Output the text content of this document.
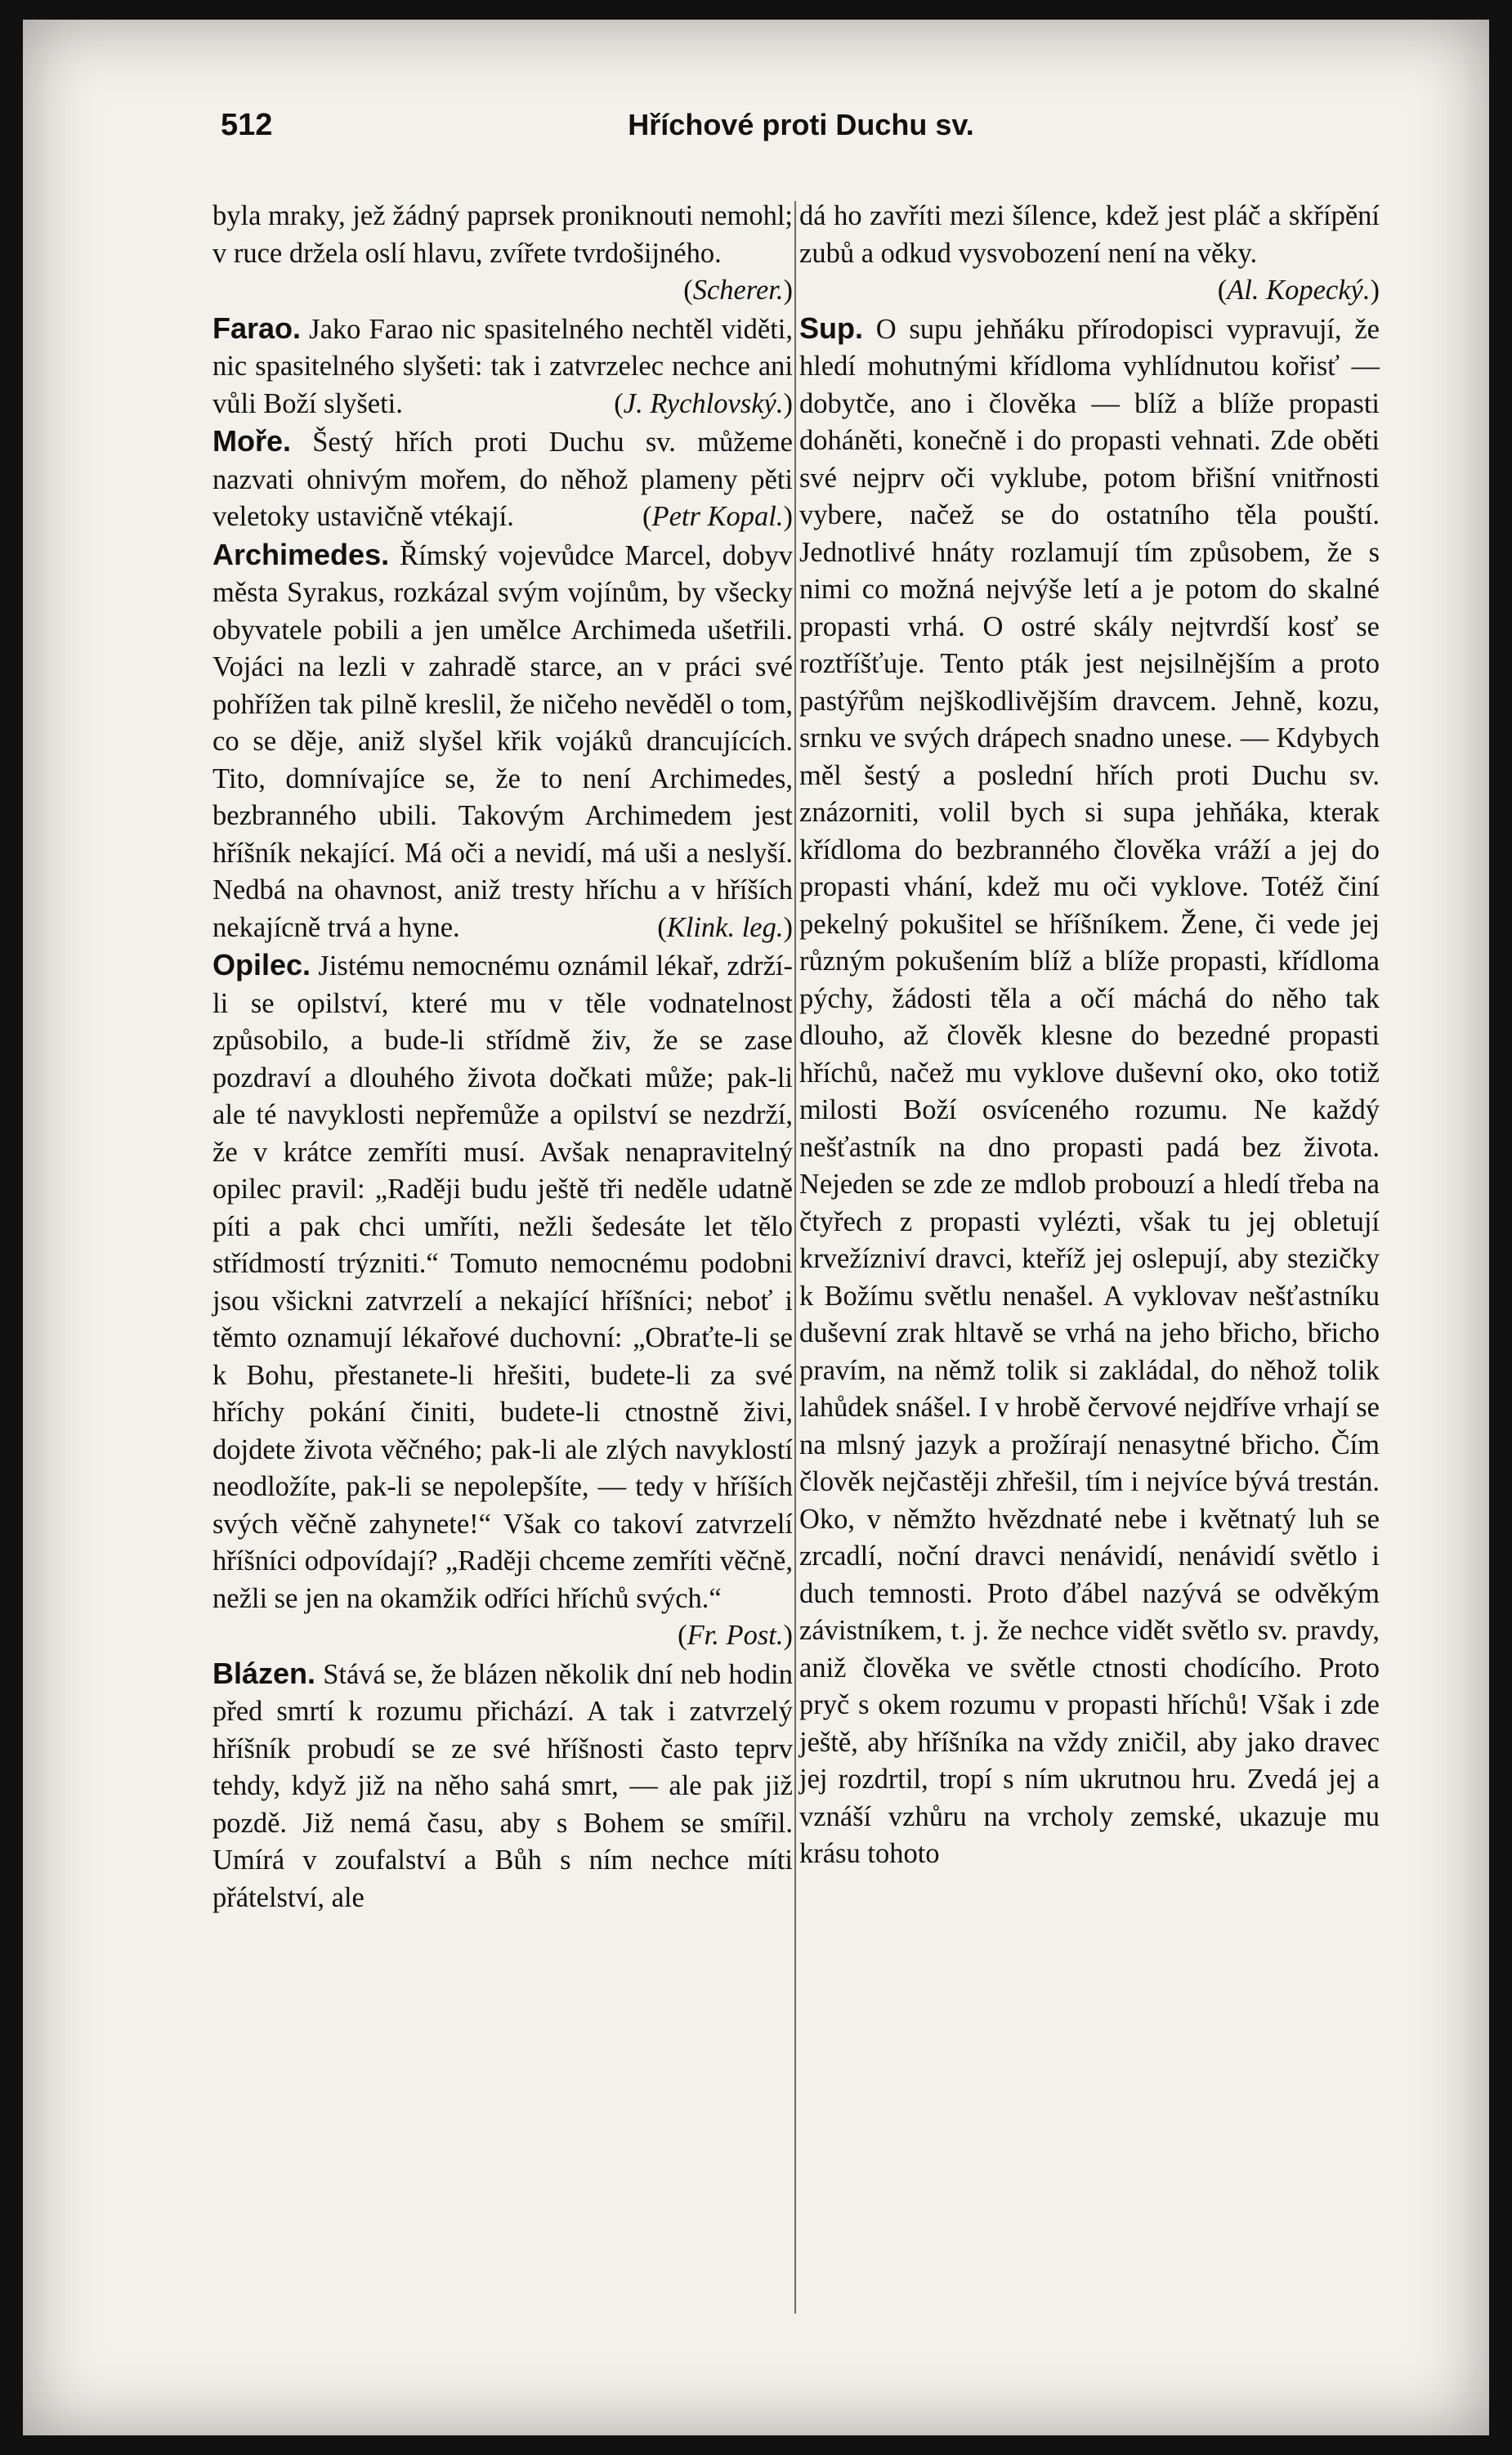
512	Hříchové proti Duchu sv.

byla mraky, jež žádný paprsek proniknouti nemohl; v ruce držela oslí hlavu, zvířete tvrdošijného.
( Scherer. )

Farao. Jako Farao nic spasitelného nechtěl viděti, nic spasitelného slyšeti: tak i zatvrzelec nechce ani vůli Boží slyšeti.	( J. Rychlovský. )

Moře. Šestý hřích proti Duchu sv. můžeme nazvati ohnivým mořem, do něhož plameny pěti veletoky ustavičně vtékají.	( Petr Kopal. )

Archimedes. Římský vojevůdce Marcel, dobyv města Syrakus, rozkázal svým vojínům, by všecky obyvatele pobili a jen umělce Archimeda ušetřili. Vojáci na lezli v zahradě starce, an v práci své pohřížen tak pilně kreslil, že ničeho nevěděl o tom, co se děje, aniž slyšel křik vojáků drancujících. Tito, domnívajíce se, že to není Archimedes, bezbranného ubili. Takovým Archimedem jest hříšník nekající. Má oči a nevidí, má uši a neslyší. Nedbá na ohavnost, aniž tresty hříchu a v hříších nekajícně trvá a hyne.	( Klink. leg. )

Opilec. Jistému nemocnému oznámil lékař, zdrží-li se opilství, které mu v těle vodnatelnost způsobilo, a bude-li střídmě živ, že se zase pozdraví a dlouhého života dočkati může; pak-li ale té navyklosti nepřemůže a opilství se nezdrží, že v krátce zemříti musí. Avšak nenapravitelný opilec pravil: „Raději budu ještě tři neděle udatně píti a pak chci umříti, nežli šedesáte let tělo střídmostí trýzniti.“ Tomuto nemocnému podobni jsou všickni zatvrzelí a nekající hříšníci; neboť i těmto oznamují lékařové duchovní: „Obraťte-li se k Bohu, přestanete-li hřešiti, budete-li za své hříchy pokání činiti, budete-li ctnostně živi, dojdete života věčného; pak-li ale zlých navyklostí neodložíte, pak-li se nepolepšíte, — tedy v hříších svých věčně zahynete!“ Však co takoví zatvrzelí hříšníci odpovídají? „Raději chceme zemříti věčně, nežli se jen na okamžik odříci hříchů svých.“
( Fr. Post. )

Blázen. Stává se, že blázen několik dní neb hodin před smrtí k rozumu přichází. A tak i zatvrzelý hříšník probudí se ze své hříšnosti často teprv tehdy, když již na něho sahá smrt, — ale pak již pozdě. Již nemá času, aby s Bohem se smířil. Umírá v zoufalství a Bůh s ním nechce míti přátelství, ale

dá ho zavříti mezi šílence, kdež jest pláč a skřípění zubů a odkud vysvobození není na věky.
( Al. Kopecký. )

Sup. O supu jehňáku přírodopisci vypravují, že hledí mohutnými křídloma vyhlídnutou kořisť — dobytče, ano i člověka — blíž a blíže propasti doháněti, konečně i do propasti vehnati. Zde oběti své nejprv oči vyklube, potom břišní vnitřnosti vybere, načež se do ostatního těla pouští. Jednotlivé hnáty rozlamují tím způsobem, že s nimi co možná nejvýše letí a je potom do skalné propasti vrhá. O ostré skály nejtvrdší kosť se roztříšťuje. Tento pták jest nejsilnějším a proto pastýřům nejškodlivějším dravcem. Jehně, kozu, srnku ve svých drápech snadno unese. — Kdybych měl šestý a poslední hřích proti Duchu sv. znázorniti, volil bych si supa jehňáka, kterak křídloma do bezbranného člověka vráží a jej do propasti vhání, kdež mu oči vyklove. Totéž činí pekelný pokušitel se hříšníkem. Žene, či vede jej různým pokušením blíž a blíže propasti, křídloma pýchy, žádosti těla a očí máchá do něho tak dlouho, až člověk klesne do bezedné propasti hříchů, načež mu vyklove duševní oko, oko totiž milosti Boží osvíceného rozumu. Ne každý nešťastník na dno propasti padá bez života. Nejeden se zde ze mdlob probouzí a hledí třeba na čtyřech z propasti vylézti, však tu jej obletují krvežízniví dravci, kteříž jej oslepují, aby stezičky k Božímu světlu nenašel. A vyklovav nešťastníku duševní zrak hltavě se vrhá na jeho břicho, břicho pravím, na němž tolik si zakládal, do něhož tolik lahůdek snášel. I v hrobě červové nejdříve vrhají se na mlsný jazyk a prožírají nenasytné břicho. Čím člověk nejčastěji zhřešil, tím i nejvíce bývá trestán. Oko, v němžto hvězdnaté nebe i květnatý luh se zrcadlí, noční dravci nenávidí, nenávidí světlo i duch temnosti. Proto ďábel nazývá se odvěkým závistníkem, t. j. že nechce vidět světlo sv. pravdy, aniž člověka ve světle ctnosti chodícího. Proto pryč s okem rozumu v propasti hříchů! Však i zde ještě, aby hříšníka na vždy zničil, aby jako dravec jej rozdrtil, tropí s ním ukrutnou hru. Zvedá jej a vznáší vzhůru na vrcholy zemské, ukazuje mu krásu tohoto
